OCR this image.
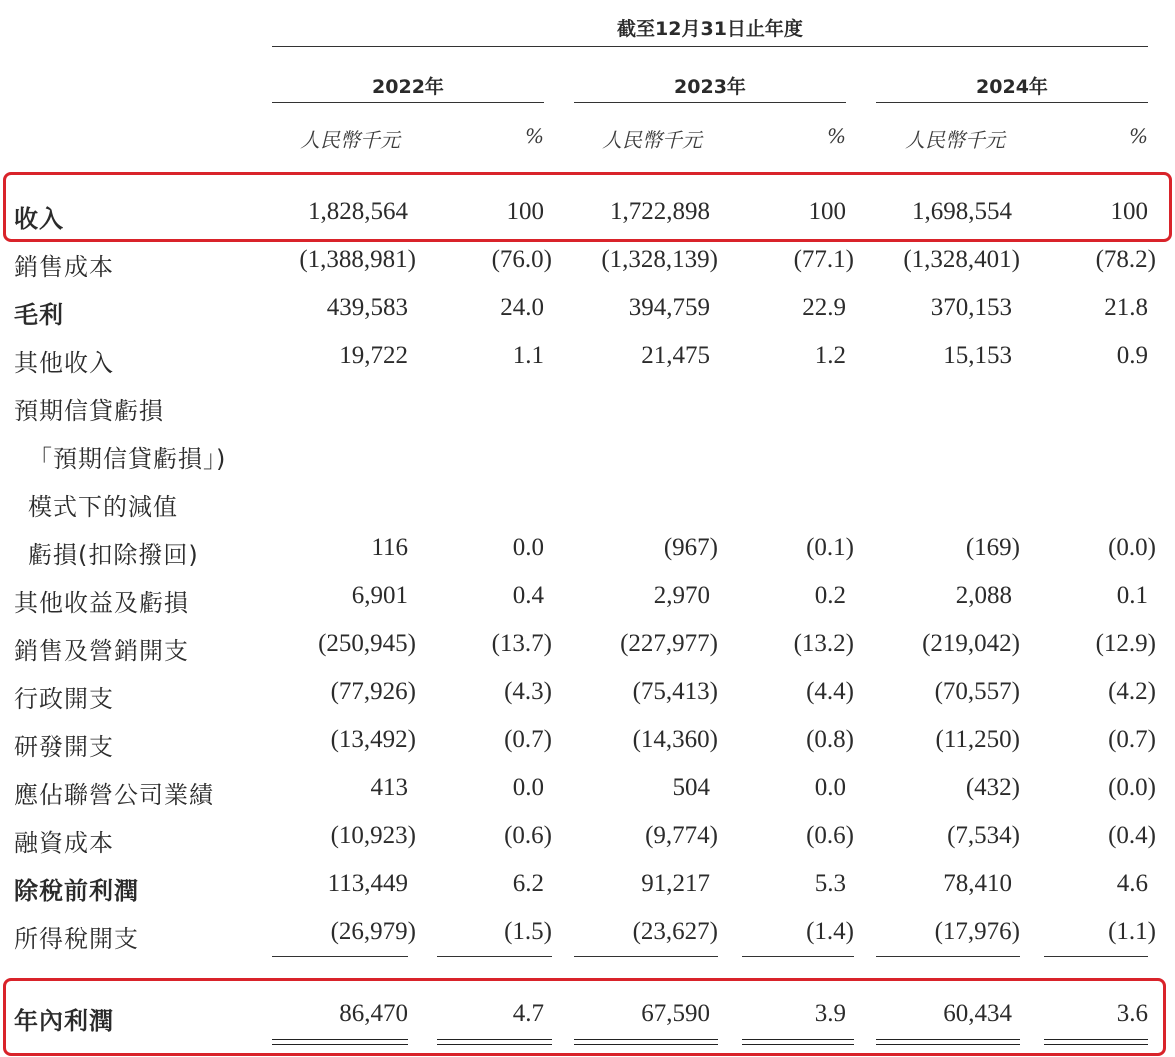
截至12月31日止年度
2022年	2023年	2024年
人民幣千元	%	人民幣千元	%	人民幣千元	%
收入	1,828,564	100	1,722,898	100	1,698,554	100
銷售成本	(1,388,981)	(76.0)	(1,328,139)	(77.1)	(1,328,401)	(78.2)
毛利	439,583	24.0	394,759	22.9	370,153	21.8
其他收入	19,722	1.1	21,475	1.2	15,153	0.9
預期信貸虧損
「預期信貸虧損」)
模式下的減值
虧損(扣除撥回)	116	0.0	(967)	(0.1)	(169)	(0.0)
其他收益及虧損	6,901	0.4	2,970	0.2	2,088	0.1
銷售及營銷開支	(250,945)	(13.7)	(227,977)	(13.2)	(219,042)	(12.9)
行政開支	(77,926)	(4.3)	(75,413)	(4.4)	(70,557)	(4.2)
研發開支	(13,492)	(0.7)	(14,360)	(0.8)	(11,250)	(0.7)
應佔聯營公司業績	413	0.0	504	0.0	(432)	(0.0)
融資成本	(10,923)	(0.6)	(9,774)	(0.6)	(7,534)	(0.4)
除稅前利潤	113,449	6.2	91,217	5.3	78,410	4.6
所得稅開支	(26,979)	(1.5)	(23,627)	(1.4)	(17,976)	(1.1)
年內利潤	86,470	4.7	67,590	3.9	60,434	3.6
